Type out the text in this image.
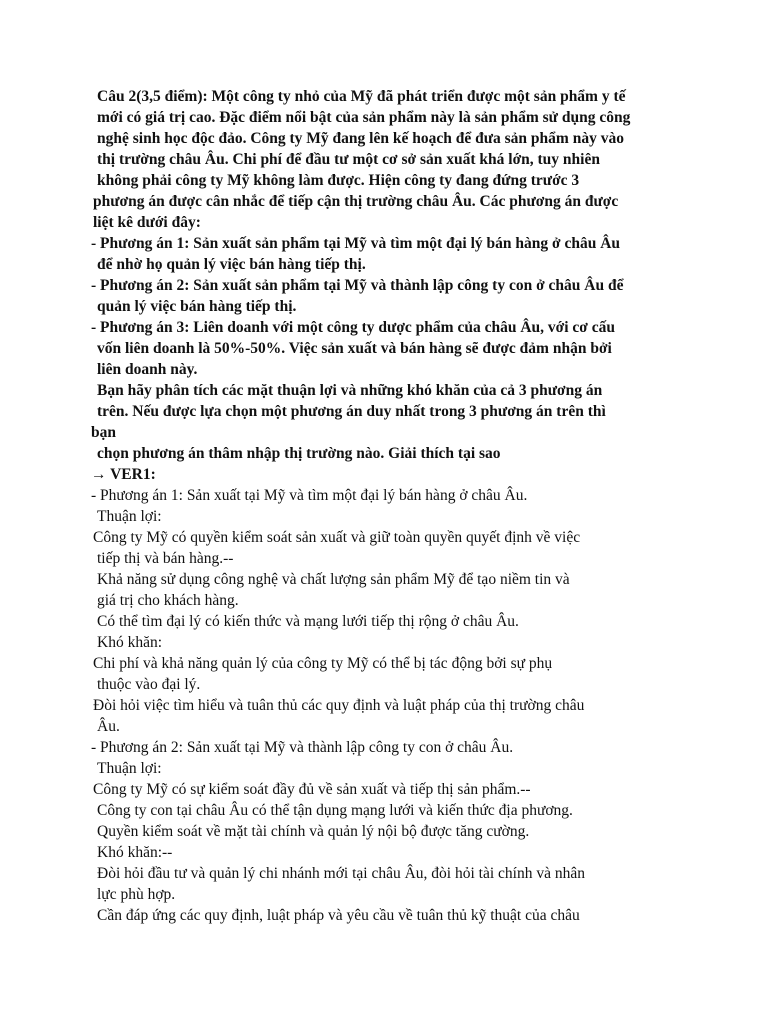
Câu 2(3,5 điểm): Một công ty nhỏ của Mỹ đã phát triển được một sản phẩm y tế
mới có giá trị cao. Đặc điểm nổi bật của sản phẩm này là sản phẩm sử dụng công
nghệ sinh học độc đảo. Công ty Mỹ đang lên kế hoạch để đưa sản phẩm này vào
thị trường châu Âu. Chi phí để đầu tư một cơ sở sản xuất khá lớn, tuy nhiên
không phải công ty Mỹ không làm được. Hiện công ty đang đứng trước 3
phương án được cân nhắc để tiếp cận thị trường châu Âu. Các phương án được
liệt kê dưới đây:
- Phương án 1: Sản xuất sản phẩm tại Mỹ và tìm một đại lý bán hàng ở châu Âu
để nhờ họ quản lý việc bán hàng tiếp thị.
- Phương án 2: Sản xuất sản phẩm tại Mỹ và thành lập công ty con ở châu Âu để
quản lý việc bán hàng tiếp thị.
- Phương án 3: Liên doanh với một công ty dược phẩm của châu Âu, với cơ cấu
vốn liên doanh là 50%-50%. Việc sản xuất và bán hàng sẽ được đảm nhận bởi
liên doanh này.
Bạn hãy phân tích các mặt thuận lợi và những khó khăn của cả 3 phương án
trên. Nếu được lựa chọn một phương án duy nhất trong 3 phương án trên thì
bạn
chọn phương án thâm nhập thị trường nào. Giải thích tại sao
→ VER1:
- Phương án 1: Sản xuất tại Mỹ và tìm một đại lý bán hàng ở châu Âu.
Thuận lợi:
Công ty Mỹ có quyền kiểm soát sản xuất và giữ toàn quyền quyết định về việc
tiếp thị và bán hàng.--
Khả năng sử dụng công nghệ và chất lượng sản phẩm Mỹ để tạo niềm tin và
giá trị cho khách hàng.
Có thể tìm đại lý có kiến thức và mạng lưới tiếp thị rộng ở châu Âu.
Khó khăn:
Chi phí và khả năng quản lý của công ty Mỹ có thể bị tác động bởi sự phụ
thuộc vào đại lý.
Đòi hỏi việc tìm hiểu và tuân thủ các quy định và luật pháp của thị trường châu
Âu.
- Phương án 2: Sản xuất tại Mỹ và thành lập công ty con ở châu Âu.
Thuận lợi:
Công ty Mỹ có sự kiểm soát đầy đủ về sản xuất và tiếp thị sản phẩm.--
Công ty con tại châu Âu có thể tận dụng mạng lưới và kiến thức địa phương.
Quyền kiểm soát về mặt tài chính và quản lý nội bộ được tăng cường.
Khó khăn:--
Đòi hỏi đầu tư và quản lý chi nhánh mới tại châu Âu, đòi hỏi tài chính và nhân
lực phù hợp.
Cần đáp ứng các quy định, luật pháp và yêu cầu về tuân thủ kỹ thuật của châu
